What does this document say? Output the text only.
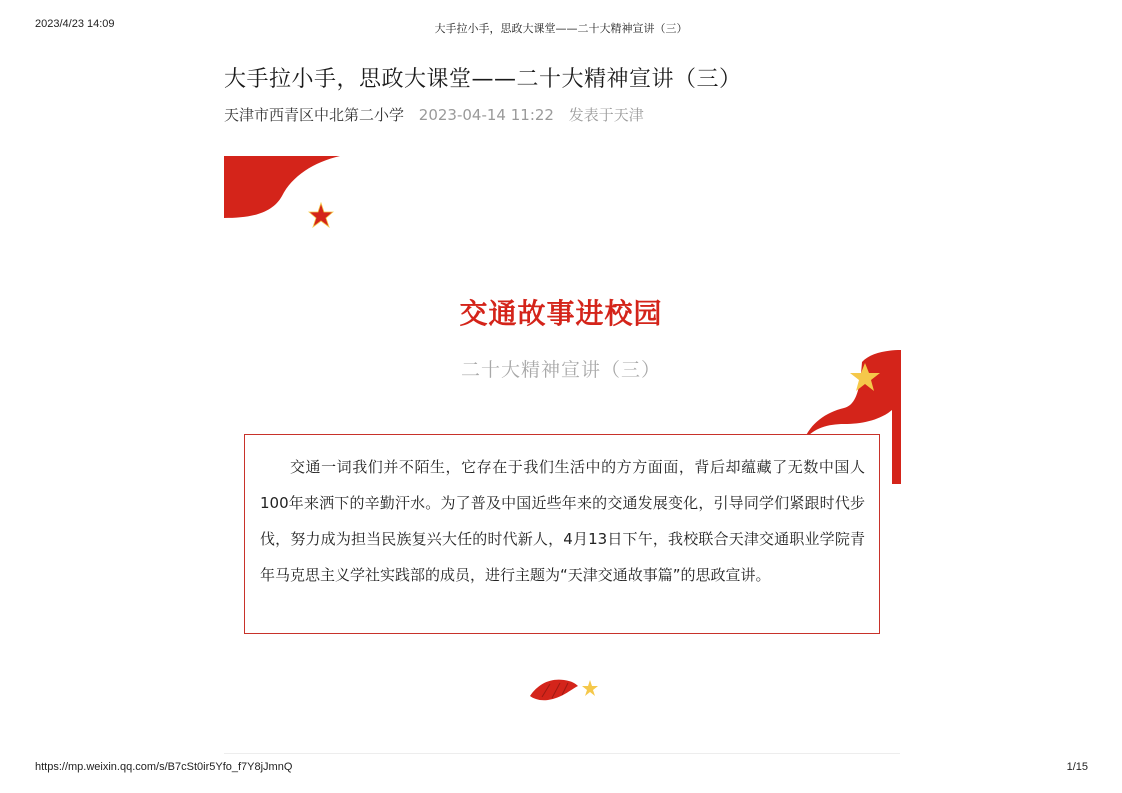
2023/4/23 14:09	大手拉小手，思政大课堂——二十大精神宣讲（三）
大手拉小手，思政大课堂——二十大精神宣讲（三）
天津市西青区中北第二小学 2023-04-14 11:22 发表于天津
交通故事进校园
二十大精神宣讲（三）

交通一词我们并不陌生，它存在于我们生活中的方方面面，背后却蕴藏了无数中国人100年来洒下的辛勤汗水。为了普及中国近些年来的交通发展变化，引导同学们紧跟时代步伐，努力成为担当民族复兴大任的时代新人，4月13日下午，我校联合天津交通职业学院青年马克思主义学社实践部的成员，进行主题为“天津交通故事篇”的思政宣讲。

https://mp.weixin.qq.com/s/B7cSt0ir5Yfo_f7Y8jJmnQ	1/15
